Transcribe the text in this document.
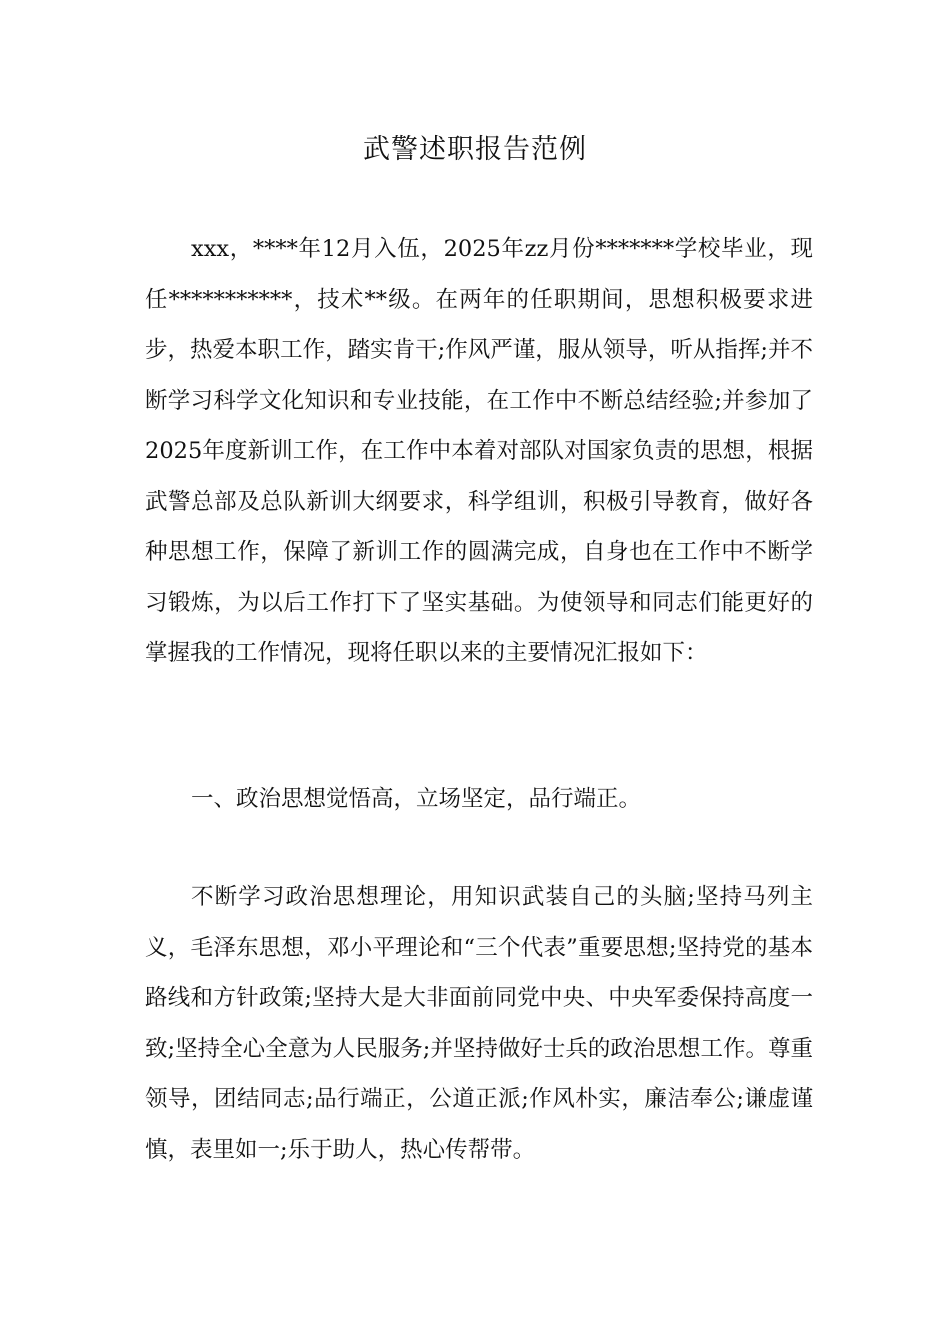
武警述职报告范例

xxx，****年12月入伍，2025年zz月份*******学校毕业，现任***********，技术**级。在两年的任职期间，思想积极要求进步，热爱本职工作，踏实肯干;作风严谨，服从领导，听从指挥;并不断学习科学文化知识和专业技能，在工作中不断总结经验;并参加了2025年度新训工作，在工作中本着对部队对国家负责的思想，根据武警总部及总队新训大纲要求，科学组训，积极引导教育，做好各种思想工作，保障了新训工作的圆满完成，自身也在工作中不断学习锻炼，为以后工作打下了坚实基础。为使领导和同志们能更好的掌握我的工作情况，现将任职以来的主要情况汇报如下：

一、政治思想觉悟高，立场坚定，品行端正。

不断学习政治思想理论，用知识武装自己的头脑;坚持马列主义，毛泽东思想，邓小平理论和“三个代表”重要思想;坚持党的基本路线和方针政策;坚持大是大非面前同党中央、中央军委保持高度一致;坚持全心全意为人民服务;并坚持做好士兵的政治思想工作。尊重领导，团结同志;品行端正，公道正派;作风朴实，廉洁奉公;谦虚谨慎，表里如一;乐于助人，热心传帮带。
